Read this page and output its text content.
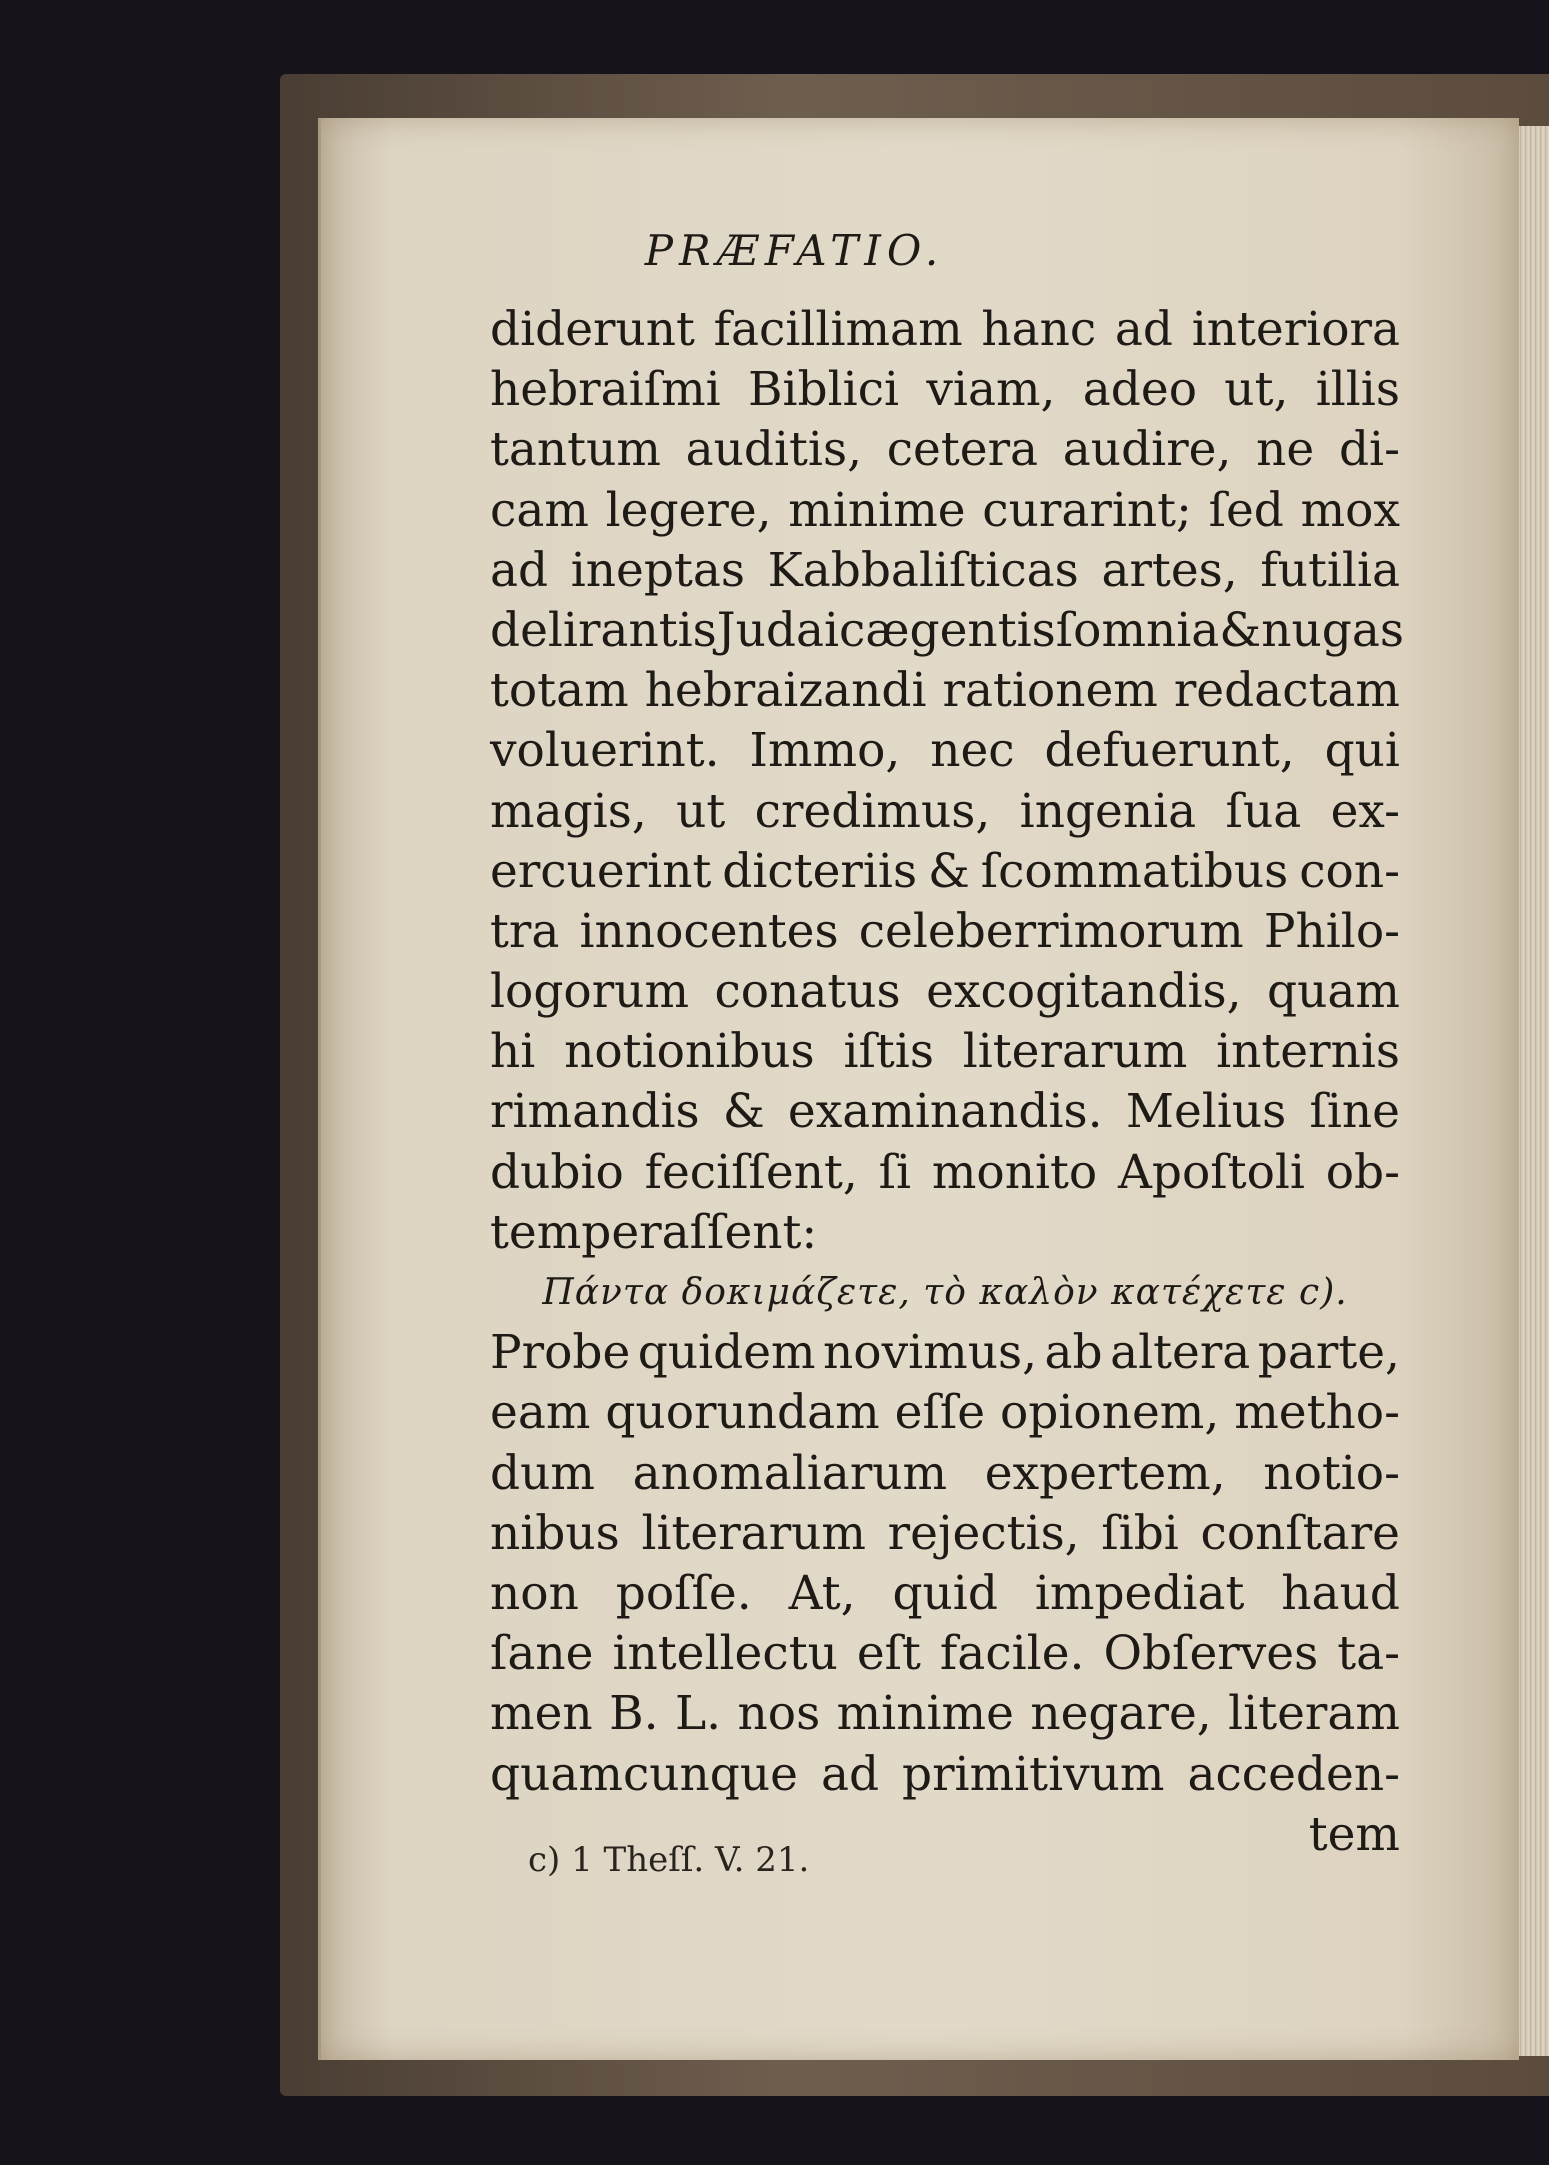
PRÆFATIO.
diderunt facillimam hanc ad interiora
hebraiſmi Biblici viam, adeo ut, illis
tantum auditis, cetera audire, ne di-
cam legere, minime curarint; ſed mox
ad ineptas Kabbaliſticas artes, futilia
delirantis Judaicæ gentis ſomnia & nugas
totam hebraizandi rationem redactam
voluerint. Immo, nec defuerunt, qui
magis, ut credimus, ingenia ſua ex-
ercuerint dicteriis & ſcommatibus con-
tra innocentes celeberrimorum Philo-
logorum conatus excogitandis, quam
hi notionibus iſtis literarum internis
rimandis & examinandis. Melius ſine
dubio feciſſent, ſi monito Apoſtoli ob-
temperaſſent:
Πάντα δοκιμάζετε, τὸ καλὸν κατέχετε c).
Probe quidem novimus, ab altera parte,
eam quorundam eſſe opionem, metho-
dum anomaliarum expertem, notio-
nibus literarum rejectis, ſibi conſtare
non poſſe. At, quid impediat haud
ſane intellectu eſt facile. Obſerves ta-
men B. L. nos minime negare, literam
quamcunque ad primitivum acceden-
tem
c) 1 Theſſ. V. 21.
